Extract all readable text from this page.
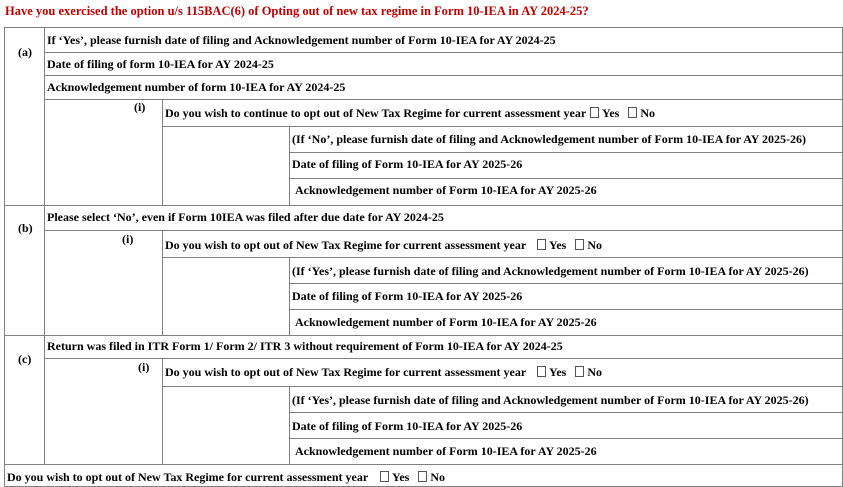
Have you exercised the option u/s 115BAC(6) of Opting out of new tax regime in Form 10-IEA in AY 2024-25?
(a)
If ‘Yes’, please furnish date of filing and Acknowledgement number of Form 10-IEA for AY 2024-25
Date of filing of form 10-IEA for AY 2024-25
Acknowledgement number of form 10-IEA for AY 2024-25
(i) Do you wish to continue to opt out of New Tax Regime for current assessment year Yes No
(If ‘No’, please furnish date of filing and Acknowledgement number of Form 10-IEA for AY 2025-26)
Date of filing of Form 10-IEA for AY 2025-26
Acknowledgement number of Form 10-IEA for AY 2025-26
(b)
Please select ‘No’, even if Form 10IEA was filed after due date for AY 2024-25
(i)	Do you wish to opt out of New Tax Regime for current assessment year Yes No
(If ‘Yes’, please furnish date of filing and Acknowledgement number of Form 10-IEA for AY 2025-26)
Date of filing of Form 10-IEA for AY 2025-26
Acknowledgement number of Form 10-IEA for AY 2025-26
(c)
Return was filed in ITR Form 1/ Form 2/ ITR 3 without requirement of Form 10-IEA for AY 2024-25
(i) Do you wish to opt out of New Tax Regime for current assessment year Yes No
(If ‘Yes’, please furnish date of filing and Acknowledgement number of Form 10-IEA for AY 2025-26)
Date of filing of Form 10-IEA for AY 2025-26
Acknowledgement number of Form 10-IEA for AY 2025-26
Do you wish to opt out of New Tax Regime for current assessment year Yes No
